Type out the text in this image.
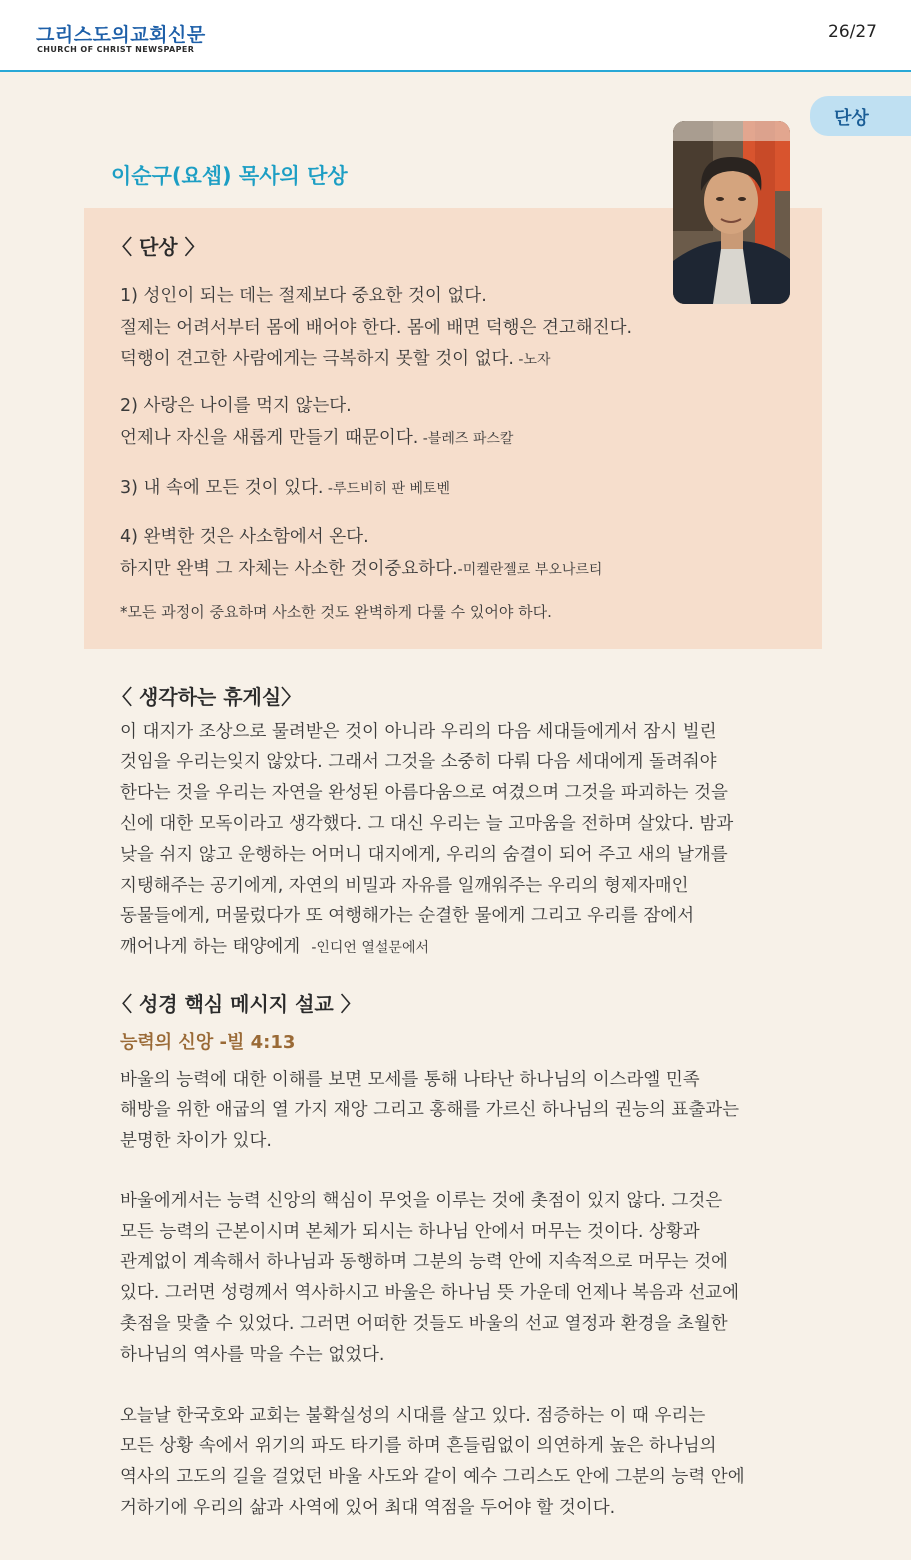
그리스도의교회신문
CHURCH OF CHRIST NEWSPAPER
26/27
단상
이순구(요셉) 목사의 단상
〈 단상 〉
1) 성인이 되는 데는 절제보다 중요한 것이 없다.
절제는 어려서부터 몸에 배어야 한다. 몸에 배면 덕행은 견고해진다.
덕행이 견고한 사람에게는 극복하지 못할 것이 없다. -노자
2) 사랑은 나이를 먹지 않는다.
언제나 자신을 새롭게 만들기 때문이다. -블레즈 파스칼
3) 내 속에 모든 것이 있다. -루드비히 판 베토벤
4) 완벽한 것은 사소함에서 온다.
하지만 완벽 그 자체는 사소한 것이중요하다.-미켈란젤로 부오나르티
*모든 과정이 중요하며 사소한 것도 완벽하게 다룰 수 있어야 하다.
〈 생각하는 휴게실〉
이 대지가 조상으로 물려받은 것이 아니라 우리의 다음 세대들에게서 잠시 빌린
것임을 우리는잊지 않았다. 그래서 그것을 소중히 다뤄 다음 세대에게 돌려줘야
한다는 것을 우리는 자연을 완성된 아름다움으로 여겼으며 그것을 파괴하는 것을
신에 대한 모독이라고 생각했다. 그 대신 우리는 늘 고마움을 전하며 살았다. 밤과
낮을 쉬지 않고 운행하는 어머니 대지에게, 우리의 숨결이 되어 주고 새의 날개를
지탱해주는 공기에게, 자연의 비밀과 자유를 일깨워주는 우리의 형제자매인
동물들에게, 머물렀다가 또 여행해가는 순결한 물에게 그리고 우리를 잠에서
깨어나게 하는 태양에게  -인디언 열설문에서
〈 성경 핵심 메시지 설교 〉
능력의 신앙 -빌 4:13
바울의 능력에 대한 이해를 보면 모세를 통해 나타난 하나님의 이스라엘 민족
해방을 위한 애굽의 열 가지 재앙 그리고 홍해를 가르신 하나님의 권능의 표출과는
분명한 차이가 있다.
바울에게서는 능력 신앙의 핵심이 무엇을 이루는 것에 촛점이 있지 않다. 그것은
모든 능력의 근본이시며 본체가 되시는 하나님 안에서 머무는 것이다. 상황과
관계없이 계속해서 하나님과 동행하며 그분의 능력 안에 지속적으로 머무는 것에
있다. 그러면 성령께서 역사하시고 바울은 하나님 뜻 가운데 언제나 복음과 선교에
촛점을 맞출 수 있었다. 그러면 어떠한 것들도 바울의 선교 열정과 환경을 초월한
하나님의 역사를 막을 수는 없었다.
오늘날 한국호와 교회는 불확실성의 시대를 살고 있다. 점증하는 이 때 우리는
모든 상황 속에서 위기의 파도 타기를 하며 흔들림없이 의연하게 높은 하나님의
역사의 고도의 길을 걸었던 바울 사도와 같이 예수 그리스도 안에 그분의 능력 안에
거하기에 우리의 삶과 사역에 있어 최대 역점을 두어야 할 것이다.
